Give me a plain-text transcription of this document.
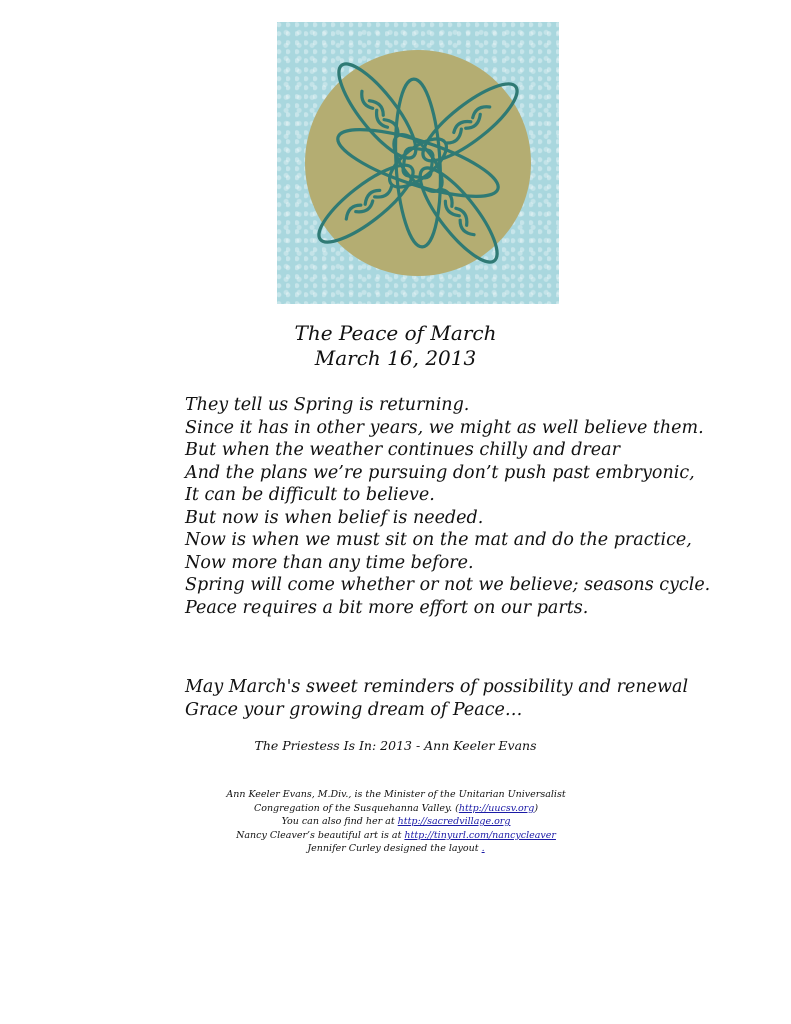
The Peace of March
March 16, 2013
They tell us Spring is returning.
Since it has in other years, we might as well believe them.
But when the weather continues chilly and drear
And the plans we’re pursuing don’t push past embryonic,
It can be difficult to believe.
But now is when belief is needed.
Now is when we must sit on the mat and do the practice,
Now more than any time before.
Spring will come whether or not we believe; seasons cycle.
Peace requires a bit more effort on our parts.
May March's sweet reminders of possibility and renewal
Grace your growing dream of Peace…
The Priestess Is In: 2013 - Ann Keeler Evans
Ann Keeler Evans, M.Div., is the Minister of the Unitarian Universalist
Congregation of the Susquehanna Valley. (http://uucsv.org)
You can also find her at http://sacredvillage.org
Nancy Cleaver’s beautiful art is at http://tinyurl.com/nancycleaver
Jennifer Curley designed the layout .
